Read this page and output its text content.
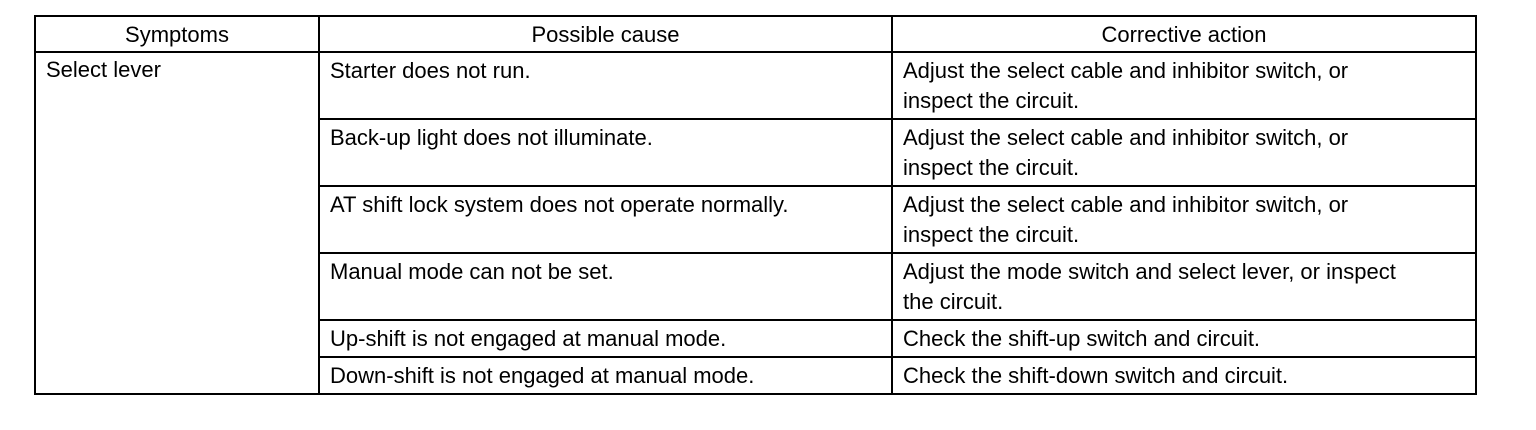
Symptoms	Possible cause	Corrective action
Select lever	Starter does not run.	Adjust the select cable and inhibitor switch, or
inspect the circuit.

	Back-up light does not illuminate.	Adjust the select cable and inhibitor switch, or
inspect the circuit.

	AT shift lock system does not operate normally.	Adjust the select cable and inhibitor switch, or
inspect the circuit.

	Manual mode can not be set.	Adjust the mode switch and select lever, or inspect
the circuit.

	Up-shift is not engaged at manual mode.	Check the shift-up switch and circuit.

	Down-shift is not engaged at manual mode.	Check the shift-down switch and circuit.
